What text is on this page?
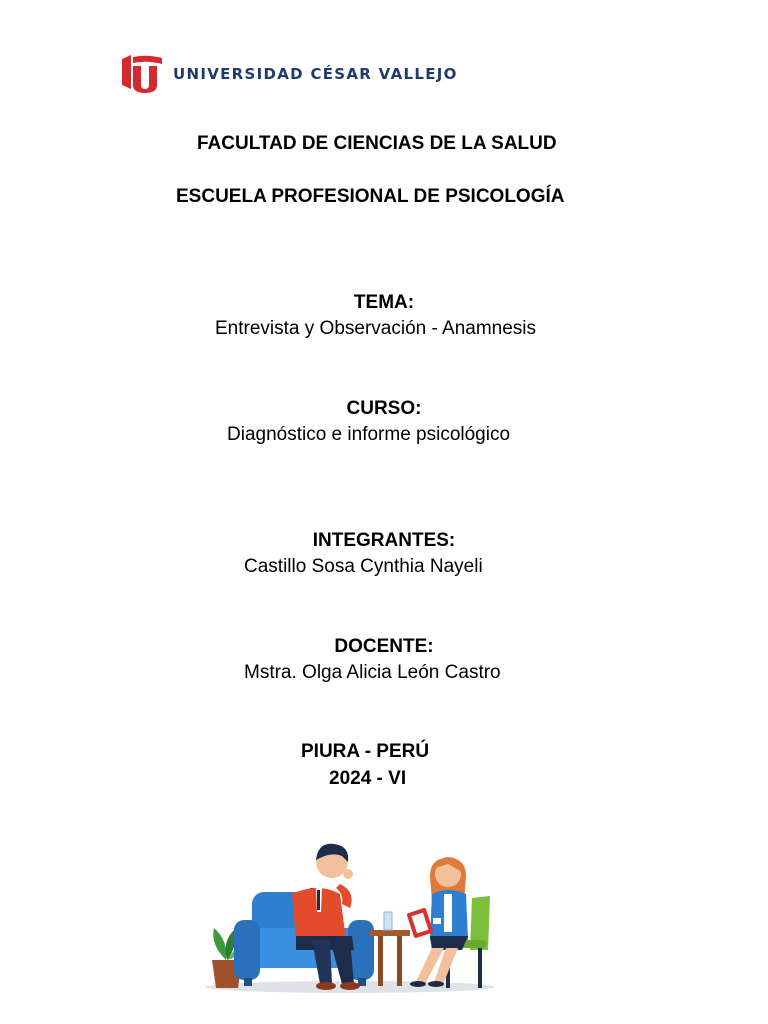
UNIVERSIDAD CÉSAR VALLEJO
FACULTAD DE CIENCIAS DE LA SALUD
ESCUELA PROFESIONAL DE PSICOLOGÍA
TEMA:
Entrevista y Observación - Anamnesis
CURSO:
Diagnóstico e informe psicológico
INTEGRANTES:
Castillo Sosa Cynthia Nayeli
DOCENTE:
Mstra. Olga Alicia León Castro
PIURA - PERÚ
2024 - VI
